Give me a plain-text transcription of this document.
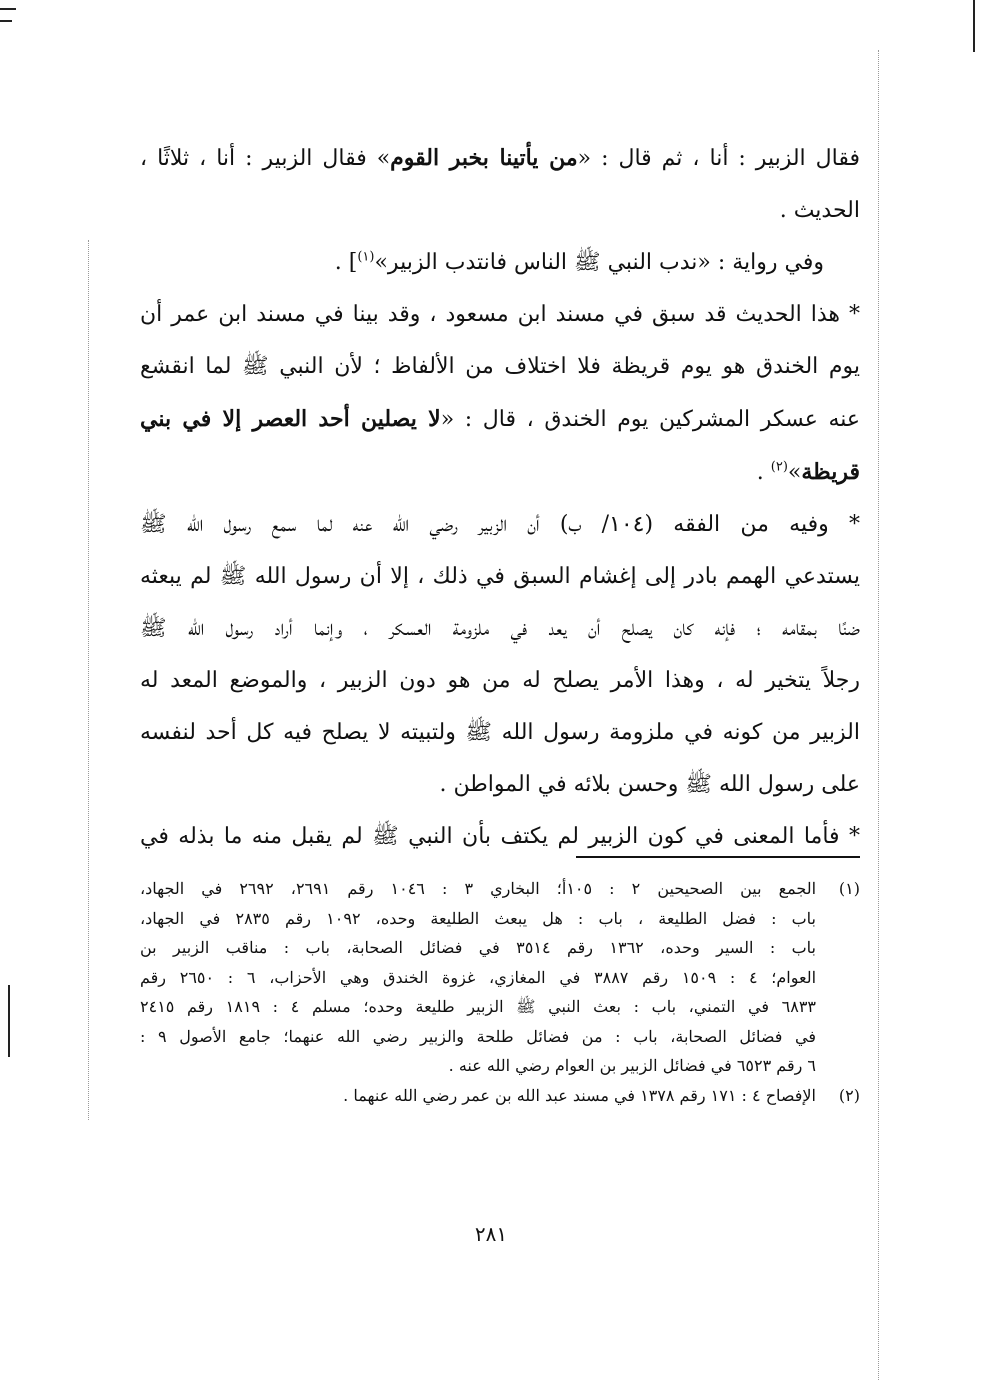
فقال الزبير : أنا ، ثم قال : «من يأتينا بخبر القوم» فقال الزبير : أنا ، ثلاثًا ،
الحديث .
وفي رواية : «ندب النبي ﷺ الناس فانتدب الزبير»$^{(١)}$] .
* هذا الحديث قد سبق في مسند ابن مسعود ، وقد بينا في مسند ابن عمر أن
يوم الخندق هو يوم قريظة فلا اختلاف من الألفاظ ؛ لأن النبي ﷺ لما انقشع
عنه عسكر المشركين يوم الخندق ، قال : «لا يصلين أحد العصر إلا في بني
قريظة»$^{(٢)}$ .
* وفيه من الفقه (١٠٤/ ب) أن الزبير رضي الله عنه لما سمع رسول الله ﷺ
يستدعي الهمم بادر إلى إغشام السبق في ذلك ، إلا أن رسول الله ﷺ لم يبعثه
ضنًا بمقامه ؛ فإنه كان يصلح أن يعد في ملزومة العسكر ، وإنما أراد رسول الله ﷺ
رجلاً يتخير له ، وهذا الأمر يصلح له من هو دون الزبير ، والموضع المعد له
الزبير من كونه في ملزومة رسول الله ﷺ ولتبيته لا يصلح فيه كل أحد لنفسه
على رسول الله ﷺ وحسن بلائه في المواطن .
* فأما المعنى في كون الزبير لم يكتف بأن النبي ﷺ لم يقبل منه ما بذله في
(١)
الجمع بين الصحيحين ٢ : ١٠٥أ؛ البخاري ٣ : ١٠٤٦ رقم ٢٦٩١، ٢٦٩٢ في الجهاد،
باب : فضل الطليعة ، باب : هل يبعث الطليعة وحده، ١٠٩٢ رقم ٢٨٣٥ في الجهاد،
باب : السير وحده، ١٣٦٢ رقم ٣٥١٤ في فضائل الصحابة، باب : مناقب الزبير بن
العوام؛ ٤ : ١٥٠٩ رقم ٣٨٨٧ في المغازي، غزوة الخندق وهي الأحزاب، ٦ : ٢٦٥٠ رقم
٦٨٣٣ في التمني، باب : بعث النبي ﷺ الزبير طليعة وحده؛ مسلم ٤ : ١٨١٩ رقم ٢٤١٥
في فضائل الصحابة، باب : من فضائل طلحة والزبير رضي الله عنهما؛ جامع الأصول ٩ :
٦ رقم ٦٥٢٣ في فضائل الزبير بن العوام رضي الله عنه .
(٢)
الإفصاح ٤ : ١٧١ رقم ١٣٧٨ في مسند عبد الله بن عمر رضي الله عنهما .
٢٨١
